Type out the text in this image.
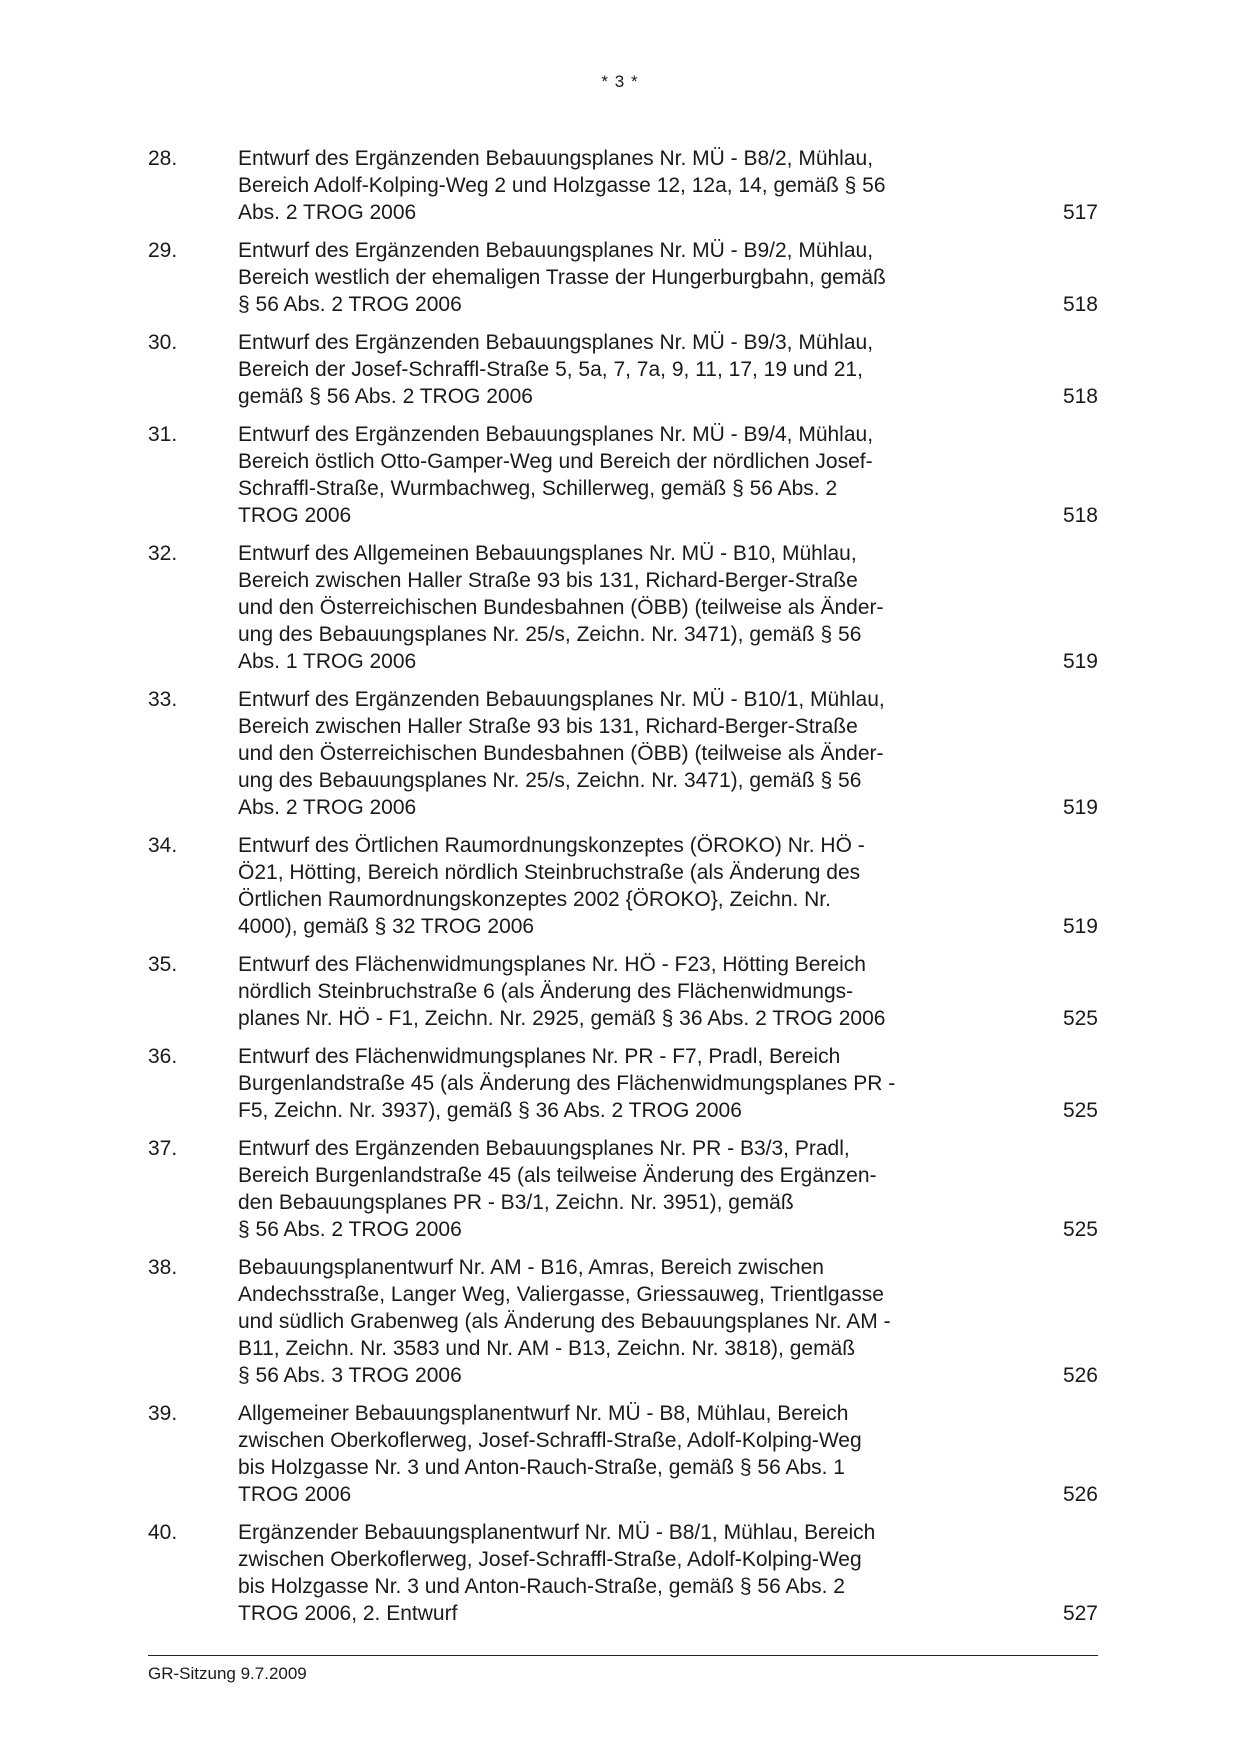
* 3 *
28.	Entwurf des Ergänzenden Bebauungsplanes Nr. MÜ - B8/2, Mühlau,
Bereich Adolf-Kolping-Weg 2 und Holzgasse 12, 12a, 14, gemäß § 56
Abs. 2 TROG 2006	517
29.	Entwurf des Ergänzenden Bebauungsplanes Nr. MÜ - B9/2, Mühlau,
Bereich westlich der ehemaligen Trasse der Hungerburgbahn, gemäß
§ 56 Abs. 2 TROG 2006	518
30.	Entwurf des Ergänzenden Bebauungsplanes Nr. MÜ - B9/3, Mühlau,
Bereich der Josef-Schraffl-Straße 5, 5a, 7, 7a, 9, 11, 17, 19 und 21,
gemäß § 56 Abs. 2 TROG 2006	518
31.	Entwurf des Ergänzenden Bebauungsplanes Nr. MÜ - B9/4, Mühlau,
Bereich östlich Otto-Gamper-Weg und Bereich der nördlichen Josef-
Schraffl-Straße, Wurmbachweg, Schillerweg, gemäß § 56 Abs. 2
TROG 2006	518
32.	Entwurf des Allgemeinen Bebauungsplanes Nr. MÜ - B10, Mühlau,
Bereich zwischen Haller Straße 93 bis 131, Richard-Berger-Straße
und den Österreichischen Bundesbahnen (ÖBB) (teilweise als Änder-
ung des Bebauungsplanes Nr. 25/s, Zeichn. Nr. 3471), gemäß § 56
Abs. 1 TROG 2006	519
33.	Entwurf des Ergänzenden Bebauungsplanes Nr. MÜ - B10/1, Mühlau,
Bereich zwischen Haller Straße 93 bis 131, Richard-Berger-Straße
und den Österreichischen Bundesbahnen (ÖBB) (teilweise als Änder-
ung des Bebauungsplanes Nr. 25/s, Zeichn. Nr. 3471), gemäß § 56
Abs. 2 TROG 2006	519
34.	Entwurf des Örtlichen Raumordnungskonzeptes (ÖROKO) Nr. HÖ -
Ö21, Hötting, Bereich nördlich Steinbruchstraße (als Änderung des
Örtlichen Raumordnungskonzeptes 2002 {ÖROKO}, Zeichn. Nr.
4000), gemäß § 32 TROG 2006	519
35.	Entwurf des Flächenwidmungsplanes Nr. HÖ - F23, Hötting Bereich
nördlich Steinbruchstraße 6 (als Änderung des Flächenwidmungs-
planes Nr. HÖ - F1, Zeichn. Nr. 2925, gemäß § 36 Abs. 2 TROG 2006	525
36.	Entwurf des Flächenwidmungsplanes Nr. PR - F7, Pradl, Bereich
Burgenlandstraße 45 (als Änderung des Flächenwidmungsplanes PR -
F5, Zeichn. Nr. 3937), gemäß § 36 Abs. 2 TROG 2006	525
37.	Entwurf des Ergänzenden Bebauungsplanes Nr. PR - B3/3, Pradl,
Bereich Burgenlandstraße 45 (als teilweise Änderung des Ergänzen-
den Bebauungsplanes PR - B3/1, Zeichn. Nr. 3951), gemäß
§ 56 Abs. 2 TROG 2006	525
38.	Bebauungsplanentwurf Nr. AM - B16, Amras, Bereich zwischen
Andechsstraße, Langer Weg, Valiergasse, Griessauweg, Trientlgasse
und südlich Grabenweg (als Änderung des Bebauungsplanes Nr. AM -
B11, Zeichn. Nr. 3583 und Nr. AM - B13, Zeichn. Nr. 3818), gemäß
§ 56 Abs. 3 TROG 2006	526
39.	Allgemeiner Bebauungsplanentwurf Nr. MÜ - B8, Mühlau, Bereich
zwischen Oberkoflerweg, Josef-Schraffl-Straße, Adolf-Kolping-Weg
bis Holzgasse Nr. 3 und Anton-Rauch-Straße, gemäß § 56 Abs. 1
TROG 2006	526
40.	Ergänzender Bebauungsplanentwurf Nr. MÜ - B8/1, Mühlau, Bereich
zwischen Oberkoflerweg, Josef-Schraffl-Straße, Adolf-Kolping-Weg
bis Holzgasse Nr. 3 und Anton-Rauch-Straße, gemäß § 56 Abs. 2
TROG 2006, 2. Entwurf	527
GR-Sitzung 9.7.2009
